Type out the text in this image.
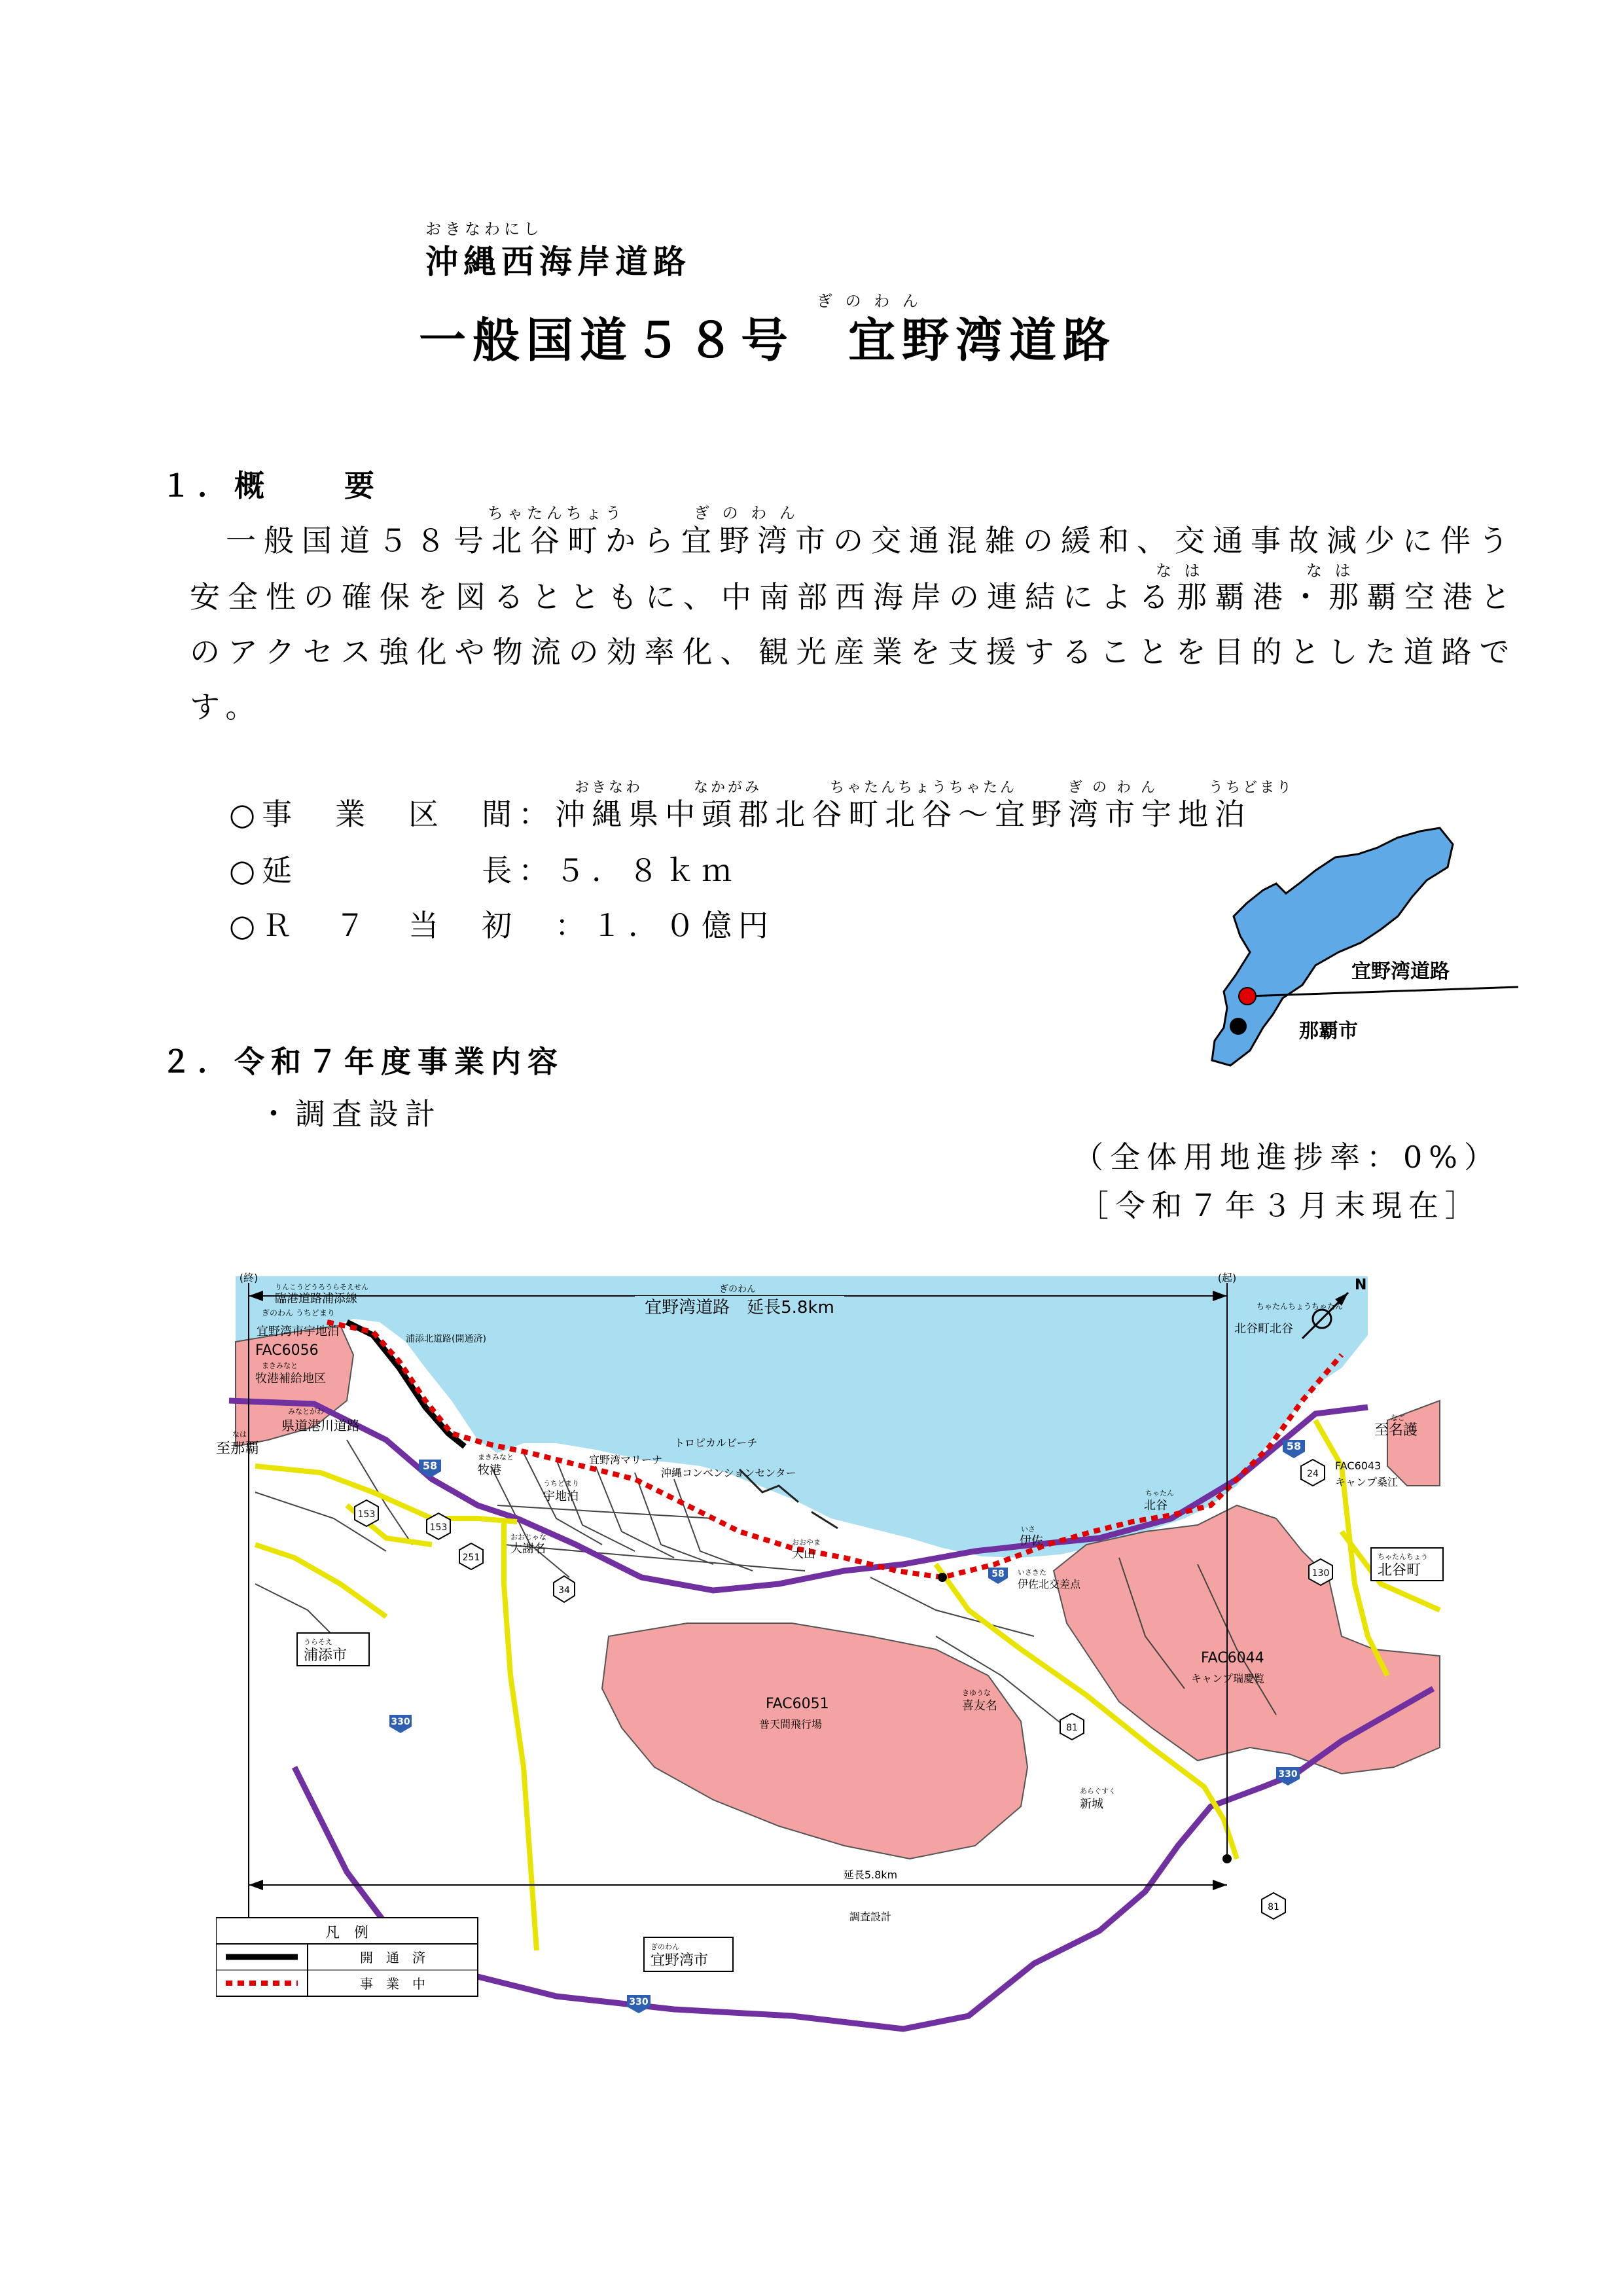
おきなわにし
沖縄西海岸道路
ぎ の わ ん
一般国道５８号　宜野湾道路
１．概　　要
ちゃたんちょう	ぎ の わ ん
一般国道５８号北谷町から宜野湾市の交通混雑の緩和、交通事故減少に伴う
な は	な は
安全性の確保を図るとともに、中南部西海岸の連結による那覇港・那覇空港と
のアクセス強化や物流の効率化、観光産業を支援することを目的とした道路で
す。
おきなわ　　　なかがみ　　　　ちゃたんちょうちゃたん　　　ぎ の わ ん　　　うちどまり
○事　業　区　間：沖縄県中頭郡北谷町北谷～宜野湾市宇地泊
○延　　　　　長：５．８ｋｍ
○Ｒ　７　当　初　：１．０億円
宜野湾道路
那覇市
２．令和７年度事業内容
・調査設計
（全体用地進捗率：0%）
［令和７年３月末現在］
58
58
153
153
251
34
58
24
130
81
330
330
81
330
N
ぎのわん
宜野湾道路　延長5.8km
(終)
ぎのわん うちどまり
宜野湾市宇地泊
(起)
ちゃたんちょうちゃたん
北谷町北谷
りんこうどうろうらそえせん
臨港道路浦添線
浦添北道路(開通済)
FAC6056
まきみなと
牧港補給地区
みなとがわ
県道港川道路
なは
至那覇	トロピカルビーチ
宜野湾マリーナ
沖縄コンベンションセンター
まきみなと
牧港
うちどまり
宇地泊
おおやま
大山
いさ
伊佐
ちゃたん
北谷
おおじゃな
大謝名
いさきた
伊佐北交差点
なご
至名護
FAC6043
キャンプ桑江
ちゃたんちょう
北谷町
FAC6044
キャンプ瑞慶覧
FAC6051
普天間飛行場
きゆうな
喜友名
あらぐすく
新城
うらそえ
浦添市
ぎのわん
宜野湾市
延長5.8km
調査設計
凡　例
開　通　済
事　業　中
